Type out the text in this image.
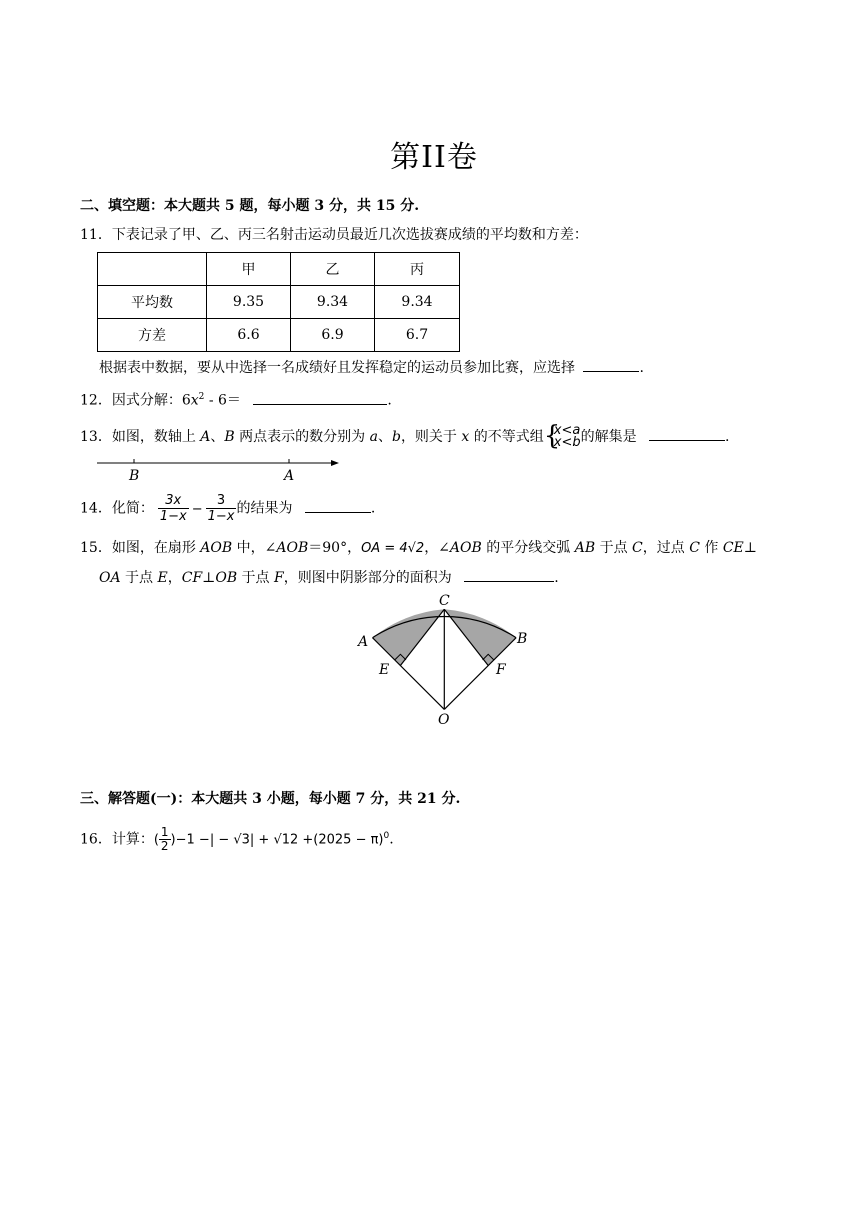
第II卷
二、填空题：本大题共 5 题，每小题 3 分，共 15 分.
11．下表记录了甲、乙、丙三名射击运动员最近几次选拔赛成绩的平均数和方差：
	甲	乙	丙
平均数	9.35	9.34	9.34
方差	6.6	6.9	6.7
根据表中数据，要从中选择一名成绩好且发挥稳定的运动员参加比赛，应选择	.
12．因式分解：$6x^2 - 6=$	.
13．如图，数轴上 A、B 两点表示的数分别为 a、b，则关于 x 的不等式组 {
x<a
x<b 的解集是	.
B	A
14．化简： $\frac{3x}{1-x} - \frac{3}{1-x}$ 的结果为	.
15．如图，在扇形 AOB 中，∠AOB＝90°，OA = 4√2，∠AOB 的平分线交弧 AB 于点 C，过点 C 作 CE⊥
OA 于点 E，CF⊥OB 于点 F，则图中阴影部分的面积为	.
C
A	B
E	F
O
三、解答题(一)：本大题共 3 小题，每小题 7 分，共 21 分.
16．计算：( $\frac{1}{2} )-1$ −| − $√3| + √12 +(2025 - \pi)^0$.
